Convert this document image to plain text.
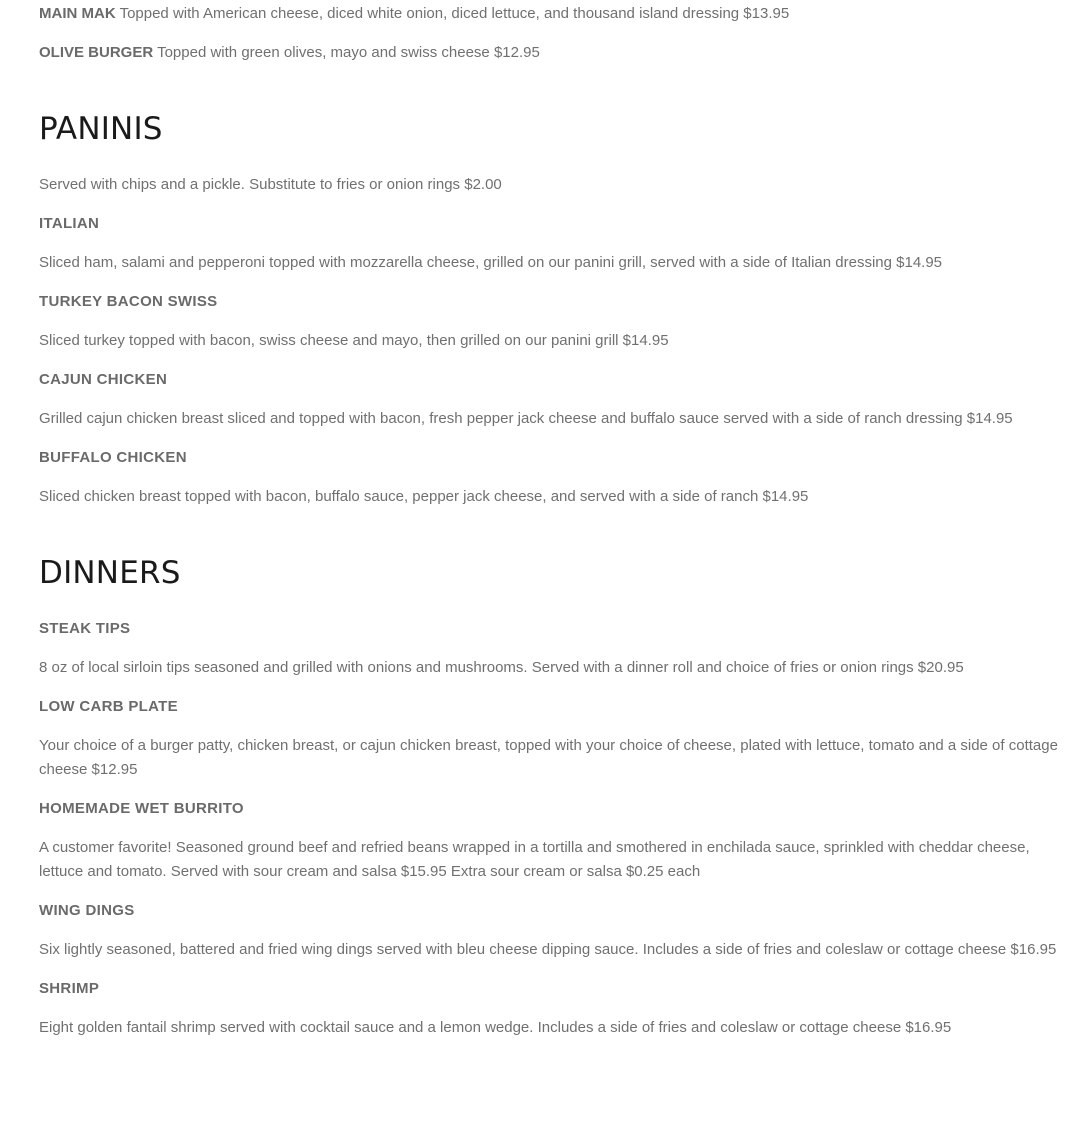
MAIN MAK Topped with American cheese, diced white onion, diced lettuce, and thousand island dressing $13.95

OLIVE BURGER Topped with green olives, mayo and swiss cheese $12.95

PANINIS

Served with chips and a pickle. Substitute to fries or onion rings $2.00

ITALIAN

Sliced ham, salami and pepperoni topped with mozzarella cheese, grilled on our panini grill, served with a side of Italian dressing $14.95

TURKEY BACON SWISS

Sliced turkey topped with bacon, swiss cheese and mayo, then grilled on our panini grill $14.95

CAJUN CHICKEN

Grilled cajun chicken breast sliced and topped with bacon, fresh pepper jack cheese and buffalo sauce served with a side of ranch dressing $14.95

BUFFALO CHICKEN

Sliced chicken breast topped with bacon, buffalo sauce, pepper jack cheese, and served with a side of ranch $14.95

DINNERS

STEAK TIPS

8 oz of local sirloin tips seasoned and grilled with onions and mushrooms. Served with a dinner roll and choice of fries or onion rings $20.95

LOW CARB PLATE

Your choice of a burger patty, chicken breast, or cajun chicken breast, topped with your choice of cheese, plated with lettuce, tomato and a side of cottage cheese $12.95

HOMEMADE WET BURRITO

A customer favorite! Seasoned ground beef and refried beans wrapped in a tortilla and smothered in enchilada sauce, sprinkled with cheddar cheese, lettuce and tomato. Served with sour cream and salsa $15.95 Extra sour cream or salsa $0.25 each

WING DINGS

Six lightly seasoned, battered and fried wing dings served with bleu cheese dipping sauce. Includes a side of fries and coleslaw or cottage cheese $16.95

SHRIMP

Eight golden fantail shrimp served with cocktail sauce and a lemon wedge. Includes a side of fries and coleslaw or cottage cheese $16.95
